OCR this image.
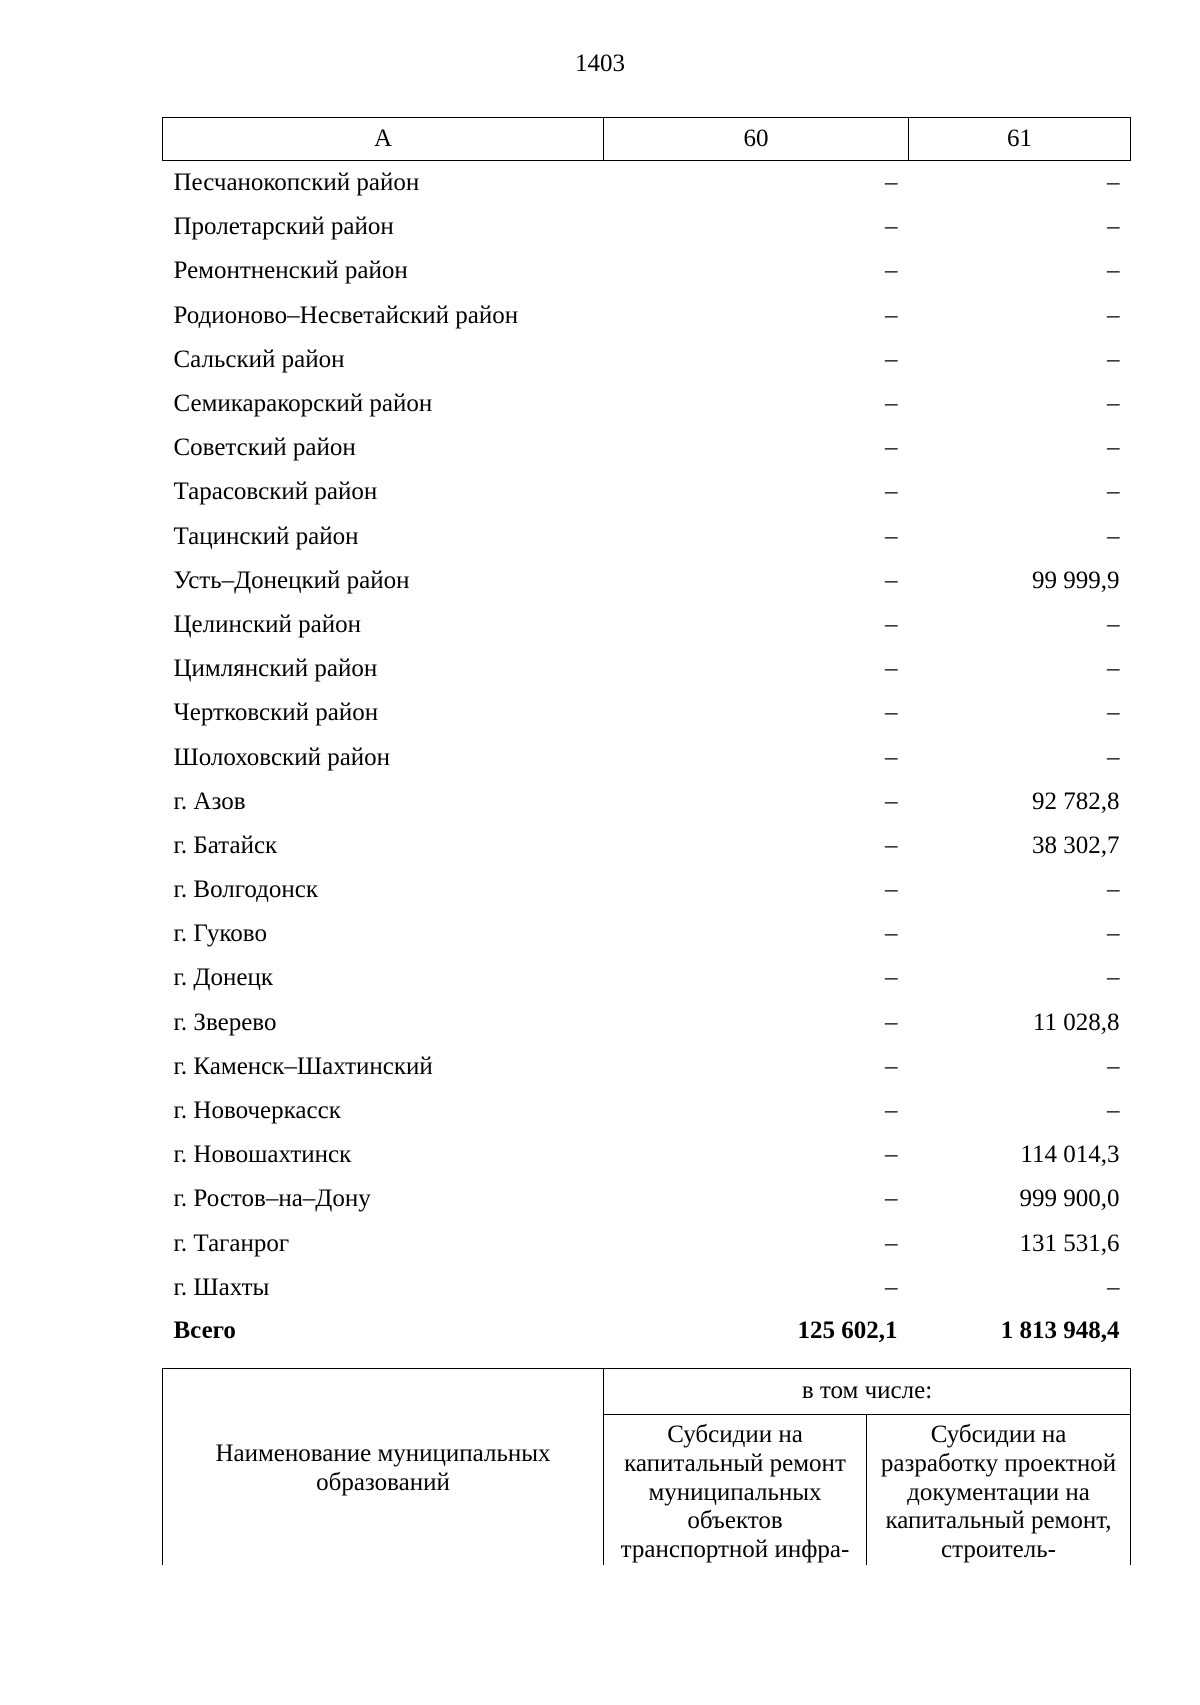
1403
А	60	61
Песчанокопский район	–	–
Пролетарский район	–	–
Ремонтненский район	–	–
Родионово–Несветайский район	–	–
Сальский район	–	–
Семикаракорский район	–	–
Советский район	–	–
Тарасовский район	–	–
Тацинский район	–	–
Усть–Донецкий район	–	99 999,9
Целинский район	–	–
Цимлянский район	–	–
Чертковский район	–	–
Шолоховский район	–	–
г. Азов	–	92 782,8
г. Батайск	–	38 302,7
г. Волгодонск	–	–
г. Гуково	–	–
г. Донецк	–	–
г. Зверево	–	11 028,8
г. Каменск–Шахтинский	–	–
г. Новочеркасск	–	–
г. Новошахтинск	–	114 014,3
г. Ростов–на–Дону	–	999 900,0
г. Таганрог	–	131 531,6
г. Шахты	–	–
Всего	125 602,1	1 813 948,4
Наименование муниципальных образований	в том числе:	
	Субсидии на капитальный ремонт муниципальных объектов транспортной инфра-	Субсидии на разработку проектной документации на капитальный ремонт, строитель-
